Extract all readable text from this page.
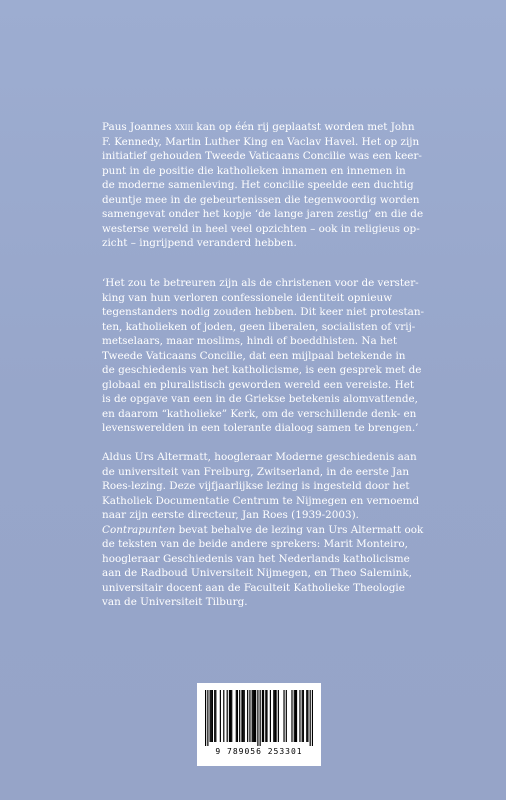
Paus Joannes xxiii kan op één rij geplaatst worden met John
F. Kennedy, Martin Luther King en Vaclav Havel. Het op zijn
initiatief gehouden Tweede Vaticaans Concilie was een keer-
punt in de positie die katholieken innamen en innemen in
de moderne samenleving. Het concilie speelde een duchtig
deuntje mee in de gebeurtenissen die tegenwoordig worden
samengevat onder het kopje ‘de lange jaren zestig’ en die de
westerse wereld in heel veel opzichten – ook in religieus op-
zicht – ingrijpend veranderd hebben.
‘Het zou te betreuren zijn als de christenen voor de verster-
king van hun verloren confessionele identiteit opnieuw
tegenstanders nodig zouden hebben. Dit keer niet protestan-
ten, katholieken of joden, geen liberalen, socialisten of vrij-
metselaars, maar moslims, hindi of boeddhisten. Na het
Tweede Vaticaans Concilie, dat een mijlpaal betekende in
de geschiedenis van het katholicisme, is een gesprek met de
globaal en pluralistisch geworden wereld een vereiste. Het
is de opgave van een in de Griekse betekenis alomvattende,
en daarom “katholieke” Kerk, om de verschillende denk- en
levenswerelden in een tolerante dialoog samen te brengen.’
Aldus Urs Altermatt, hoogleraar Moderne geschiedenis aan
de universiteit van Freiburg, Zwitserland, in de eerste Jan
Roes-lezing. Deze vijfjaarlijkse lezing is ingesteld door het
Katholiek Documentatie Centrum te Nijmegen en vernoemd
naar zijn eerste directeur, Jan Roes (1939-2003).
Contrapunten bevat behalve de lezing van Urs Altermatt ook
de teksten van de beide andere sprekers: Marit Monteiro,
hoogleraar Geschiedenis van het Nederlands katholicisme
aan de Radboud Universiteit Nijmegen, en Theo Salemink,
universitair docent aan de Faculteit Katholieke Theologie
van de Universiteit Tilburg.
9 789056 253301
